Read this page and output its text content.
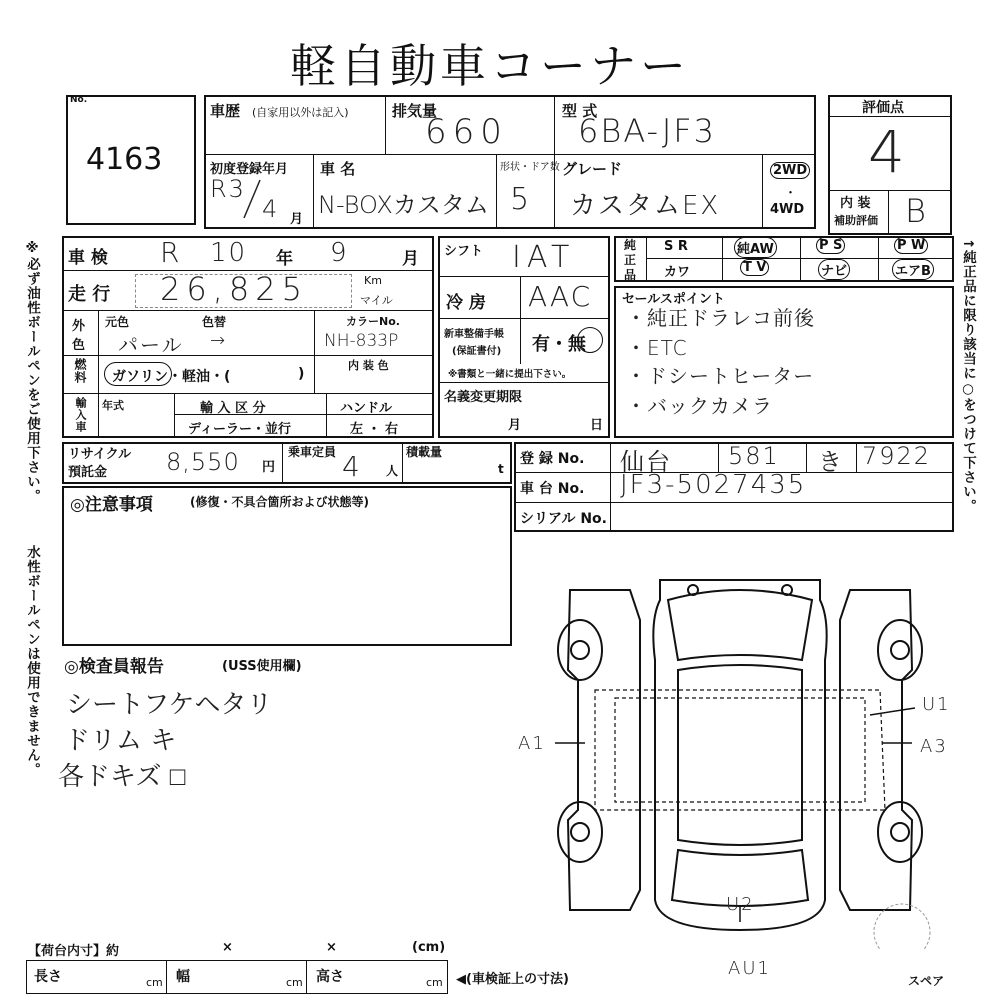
軽自動車コーナー
※必ず油性ボールペンをご使用下さい。
水性ボールペンは使用できません。
↑純正品に限り該当に○をつけて下さい。
No.
4163
車歴 (自家用以外は記入)	排気量
660
型 式
6BA-JF3
初度登録年月
R3
4 月
車 名
N-BOXカスタム
形状・ドア数
5
グレード
カスタムEX
2WD
・
4WD
評価点
4
内 装
補助評価 B
車 検 R 10 年 9	月
走 行 26,825	Km
マイル
外
色
元色	色替	カラーNo.
パール →	NH-833P
内 装 色
燃料 ガソリン・軽油・(	)
輸入車 年式	輸 入 区 分
ディーラー・並行
ハンドル
左 ・ 右
シフト IAT
冷 房 AAC
新車整備手帳
(保証書付) 有・無
※書類と一緒に提出下さい。
名義変更期限
月	日
純
正
品
S R	純AW	P S	P W
カワ	T V	ナビ	エアB
セールスポイント
・純正ドラレコ前後
・ETC
・ドシートヒーター
・バックカメラ
リサイクル
預託金 8,550 円
乗車定員 4 人
積載量
t
登 録 No. 仙台 581 き 7922
車 台 No. JF3-5027435
シリアル No.
◎注意事項	(修復・不具合箇所および状態等)
◎検査員報告	(USS使用欄)
シートフケヘタリ
ドリム キ
各ドキズ □
A1
U1
A3
U2
AU1
スペア
【荷台内寸】約	×	×	(cm)
長さ	cm 幅	cm 高さ	cm ◀(車検証上の寸法)
